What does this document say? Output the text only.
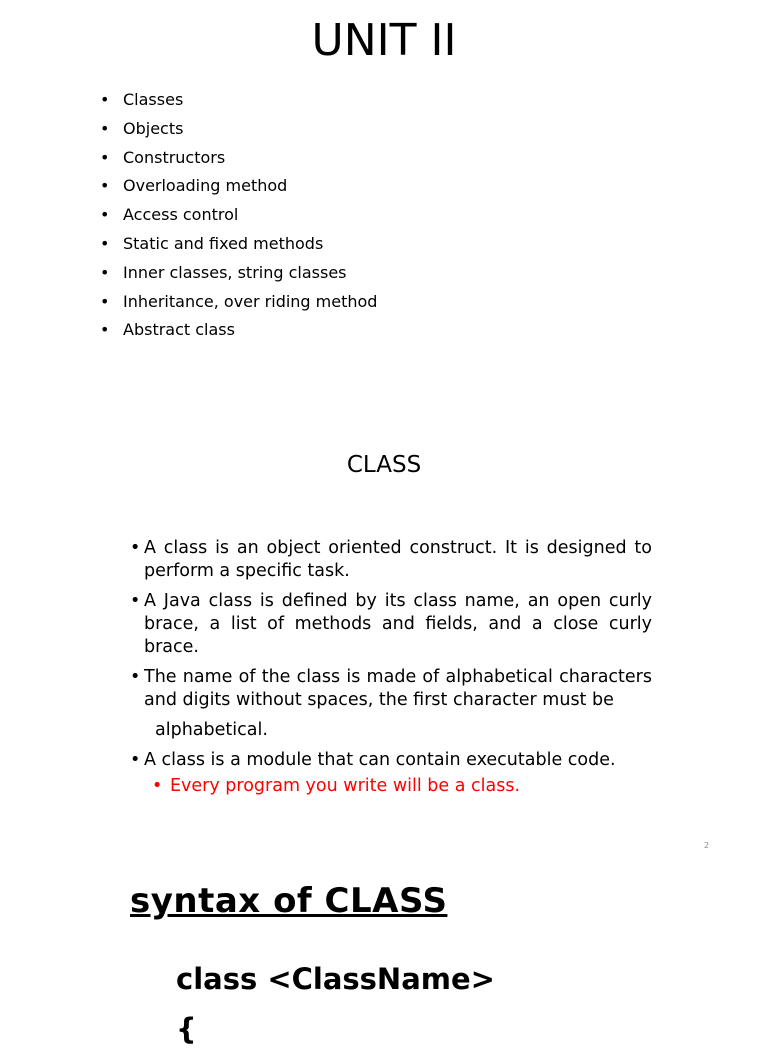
UNIT II
• Classes
• Objects
• Constructors
• Overloading method
• Access control
• Static and fixed methods
• Inner classes, string classes
• Inheritance, over riding method
• Abstract class
CLASS
• A class is an object oriented construct. It is designed to perform a specific task.
• A Java class is defined by its class name, an open curly brace, a list of methods and fields, and a close curly brace.
• The name of the class is made of alphabetical characters and digits without spaces, the first character must be
alphabetical.
• A class is a module that can contain executable code.
• Every program you write will be a class.
2
syntax of CLASS
class <ClassName>
{
